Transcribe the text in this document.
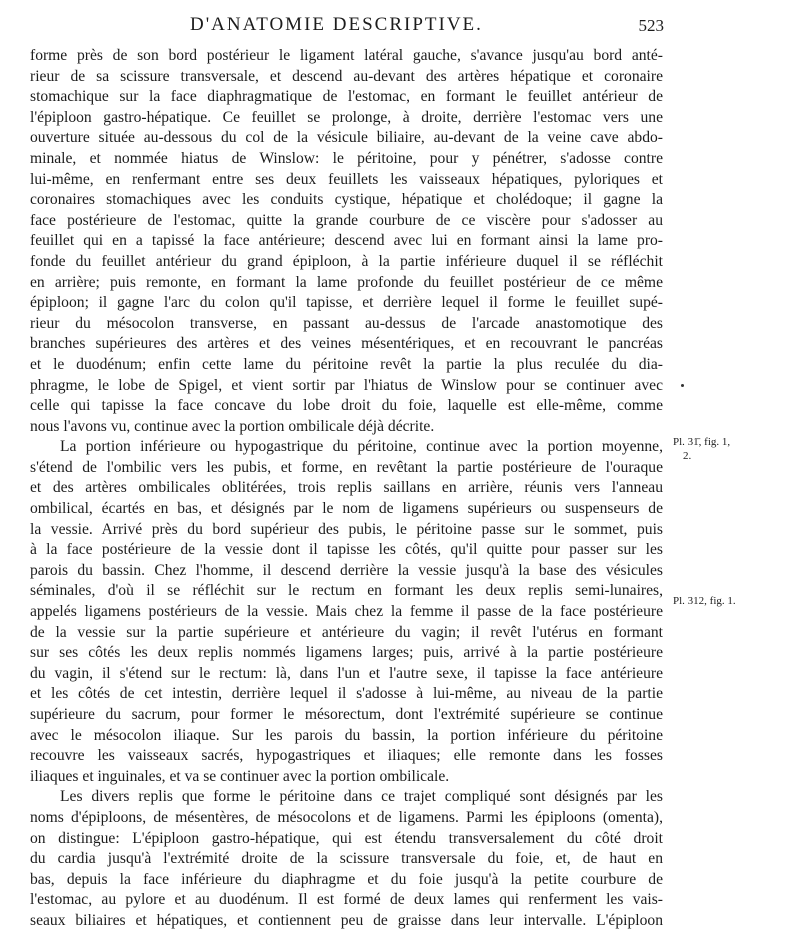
D'ANATOMIE DESCRIPTIVE.	523
forme près de son bord postérieur le ligament latéral gauche, s'avance jusqu'au bord anté-
rieur de sa scissure transversale, et descend au-devant des artères hépatique et coronaire
stomachique sur la face diaphragmatique de l'estomac, en formant le feuillet antérieur de
l'épiploon gastro-hépatique. Ce feuillet se prolonge, à droite, derrière l'estomac vers une
ouverture située au-dessous du col de la vésicule biliaire, au-devant de la veine cave abdo-
minale, et nommée hiatus de Winslow: le péritoine, pour y pénétrer, s'adosse contre
lui-même, en renfermant entre ses deux feuillets les vaisseaux hépatiques, pyloriques et
coronaires stomachiques avec les conduits cystique, hépatique et cholédoque; il gagne la
face postérieure de l'estomac, quitte la grande courbure de ce viscère pour s'adosser au
feuillet qui en a tapissé la face antérieure; descend avec lui en formant ainsi la lame pro-
fonde du feuillet antérieur du grand épiploon, à la partie inférieure duquel il se réfléchit
en arrière; puis remonte, en formant la lame profonde du feuillet postérieur de ce même
épiploon; il gagne l'arc du colon qu'il tapisse, et derrière lequel il forme le feuillet supé-
rieur du mésocolon transverse, en passant au-dessus de l'arcade anastomotique des
branches supérieures des artères et des veines mésentériques, et en recouvrant le pancréas
et le duodénum; enfin cette lame du péritoine revêt la partie la plus reculée du dia-
phragme, le lobe de Spigel, et vient sortir par l'hiatus de Winslow pour se continuer avec
celle qui tapisse la face concave du lobe droit du foie, laquelle est elle-même, comme
nous l'avons vu, continue avec la portion ombilicale déjà décrite.
La portion inférieure ou hypogastrique du péritoine, continue avec la portion moyenne,
s'étend de l'ombilic vers les pubis, et forme, en revêtant la partie postérieure de l'ouraque
et des artères ombilicales oblitérées, trois replis saillans en arrière, réunis vers l'anneau
ombilical, écartés en bas, et désignés par le nom de ligamens supérieurs ou suspenseurs de
la vessie. Arrivé près du bord supérieur des pubis, le péritoine passe sur le sommet, puis
à la face postérieure de la vessie dont il tapisse les côtés, qu'il quitte pour passer sur les
parois du bassin. Chez l'homme, il descend derrière la vessie jusqu'à la base des vésicules
séminales, d'où il se réfléchit sur le rectum en formant les deux replis semi-lunaires,
appelés ligamens postérieurs de la vessie. Mais chez la femme il passe de la face postérieure
de la vessie sur la partie supérieure et antérieure du vagin; il revêt l'utérus en formant
sur ses côtés les deux replis nommés ligamens larges; puis, arrivé à la partie postérieure
du vagin, il s'étend sur le rectum: là, dans l'un et l'autre sexe, il tapisse la face antérieure
et les côtés de cet intestin, derrière lequel il s'adosse à lui-même, au niveau de la partie
supérieure du sacrum, pour former le mésorectum, dont l'extrémité supérieure se continue
avec le mésocolon iliaque. Sur les parois du bassin, la portion inférieure du péritoine
recouvre les vaisseaux sacrés, hypogastriques et iliaques; elle remonte dans les fosses
iliaques et inguinales, et va se continuer avec la portion ombilicale.
Les divers replis que forme le péritoine dans ce trajet compliqué sont désignés par les
noms d'épiploons, de mésentères, de mésocolons et de ligamens. Parmi les épiploons (omenta),
on distingue: L'épiploon gastro-hépatique, qui est étendu transversalement du côté droit
du cardia jusqu'à l'extrémité droite de la scissure transversale du foie, et, de haut en
bas, depuis la face inférieure du diaphragme et du foie jusqu'à la petite courbure de
l'estomac, au pylore et au duodénum. Il est formé de deux lames qui renferment les vais-
seaux biliaires et hépatiques, et contiennent peu de graisse dans leur intervalle. L'épiploon
Pl. 31̄, fig. 1,
2.
Pl. 312, fig. 1.
